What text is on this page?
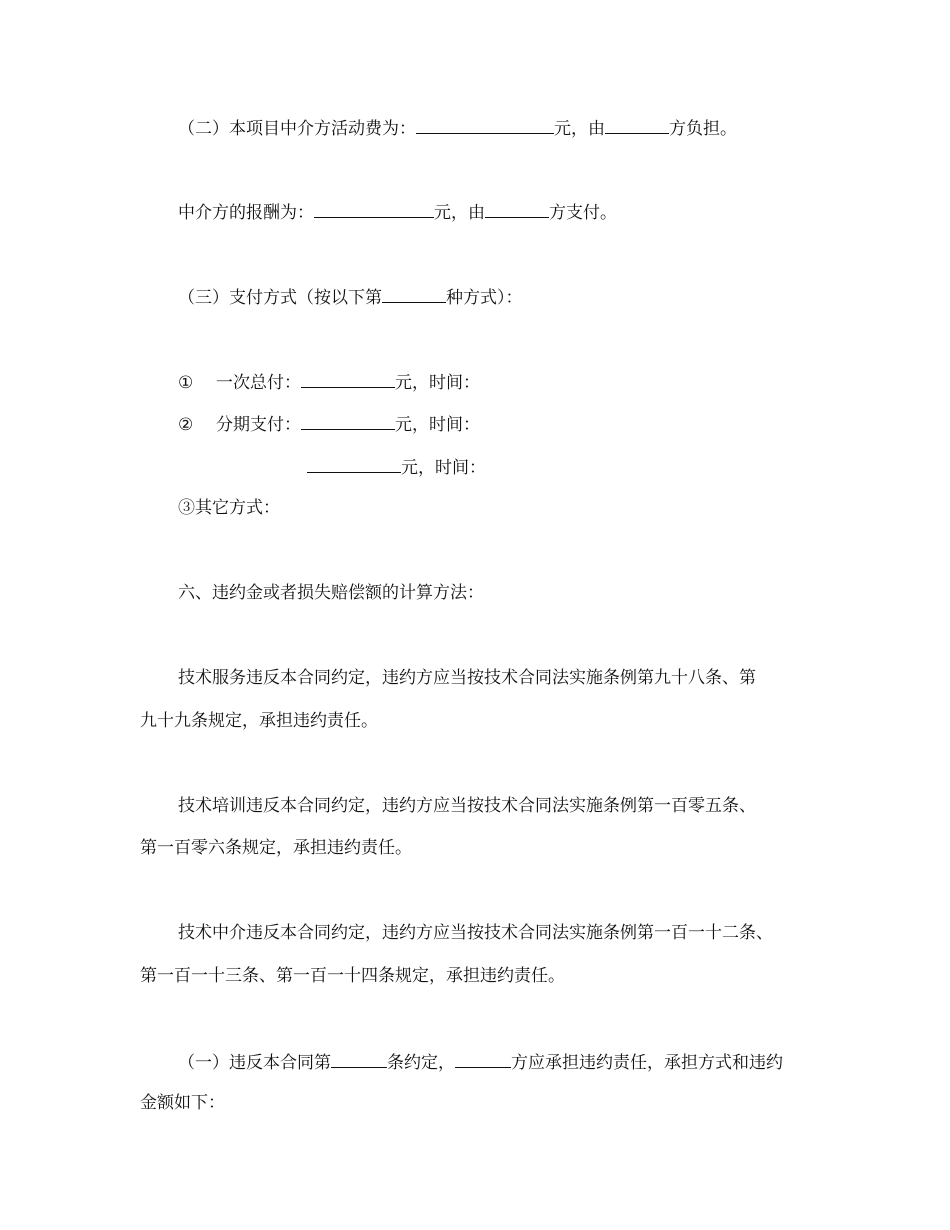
（二）本项目中介方活动费为：	元，由	方负担。
中介方的报酬为：	元，由	方支付。
（三）支付方式（按以下第	种方式）：
① 一次总付：	元，时间：
② 分期支付：	元，时间：
元，时间：
③其它方式：
六、违约金或者损失赔偿额的计算方法：
技术服务违反本合同约定，违约方应当按技术合同法实施条例第九十八条、第
九十九条规定，承担违约责任。
技术培训违反本合同约定，违约方应当按技术合同法实施条例第一百零五条、
第一百零六条规定，承担违约责任。
技术中介违反本合同约定，违约方应当按技术合同法实施条例第一百一十二条、
第一百一十三条、第一百一十四条规定，承担违约责任。
（一）违反本合同第	条约定，	方应承担违约责任，承担方式和违约
金额如下：
